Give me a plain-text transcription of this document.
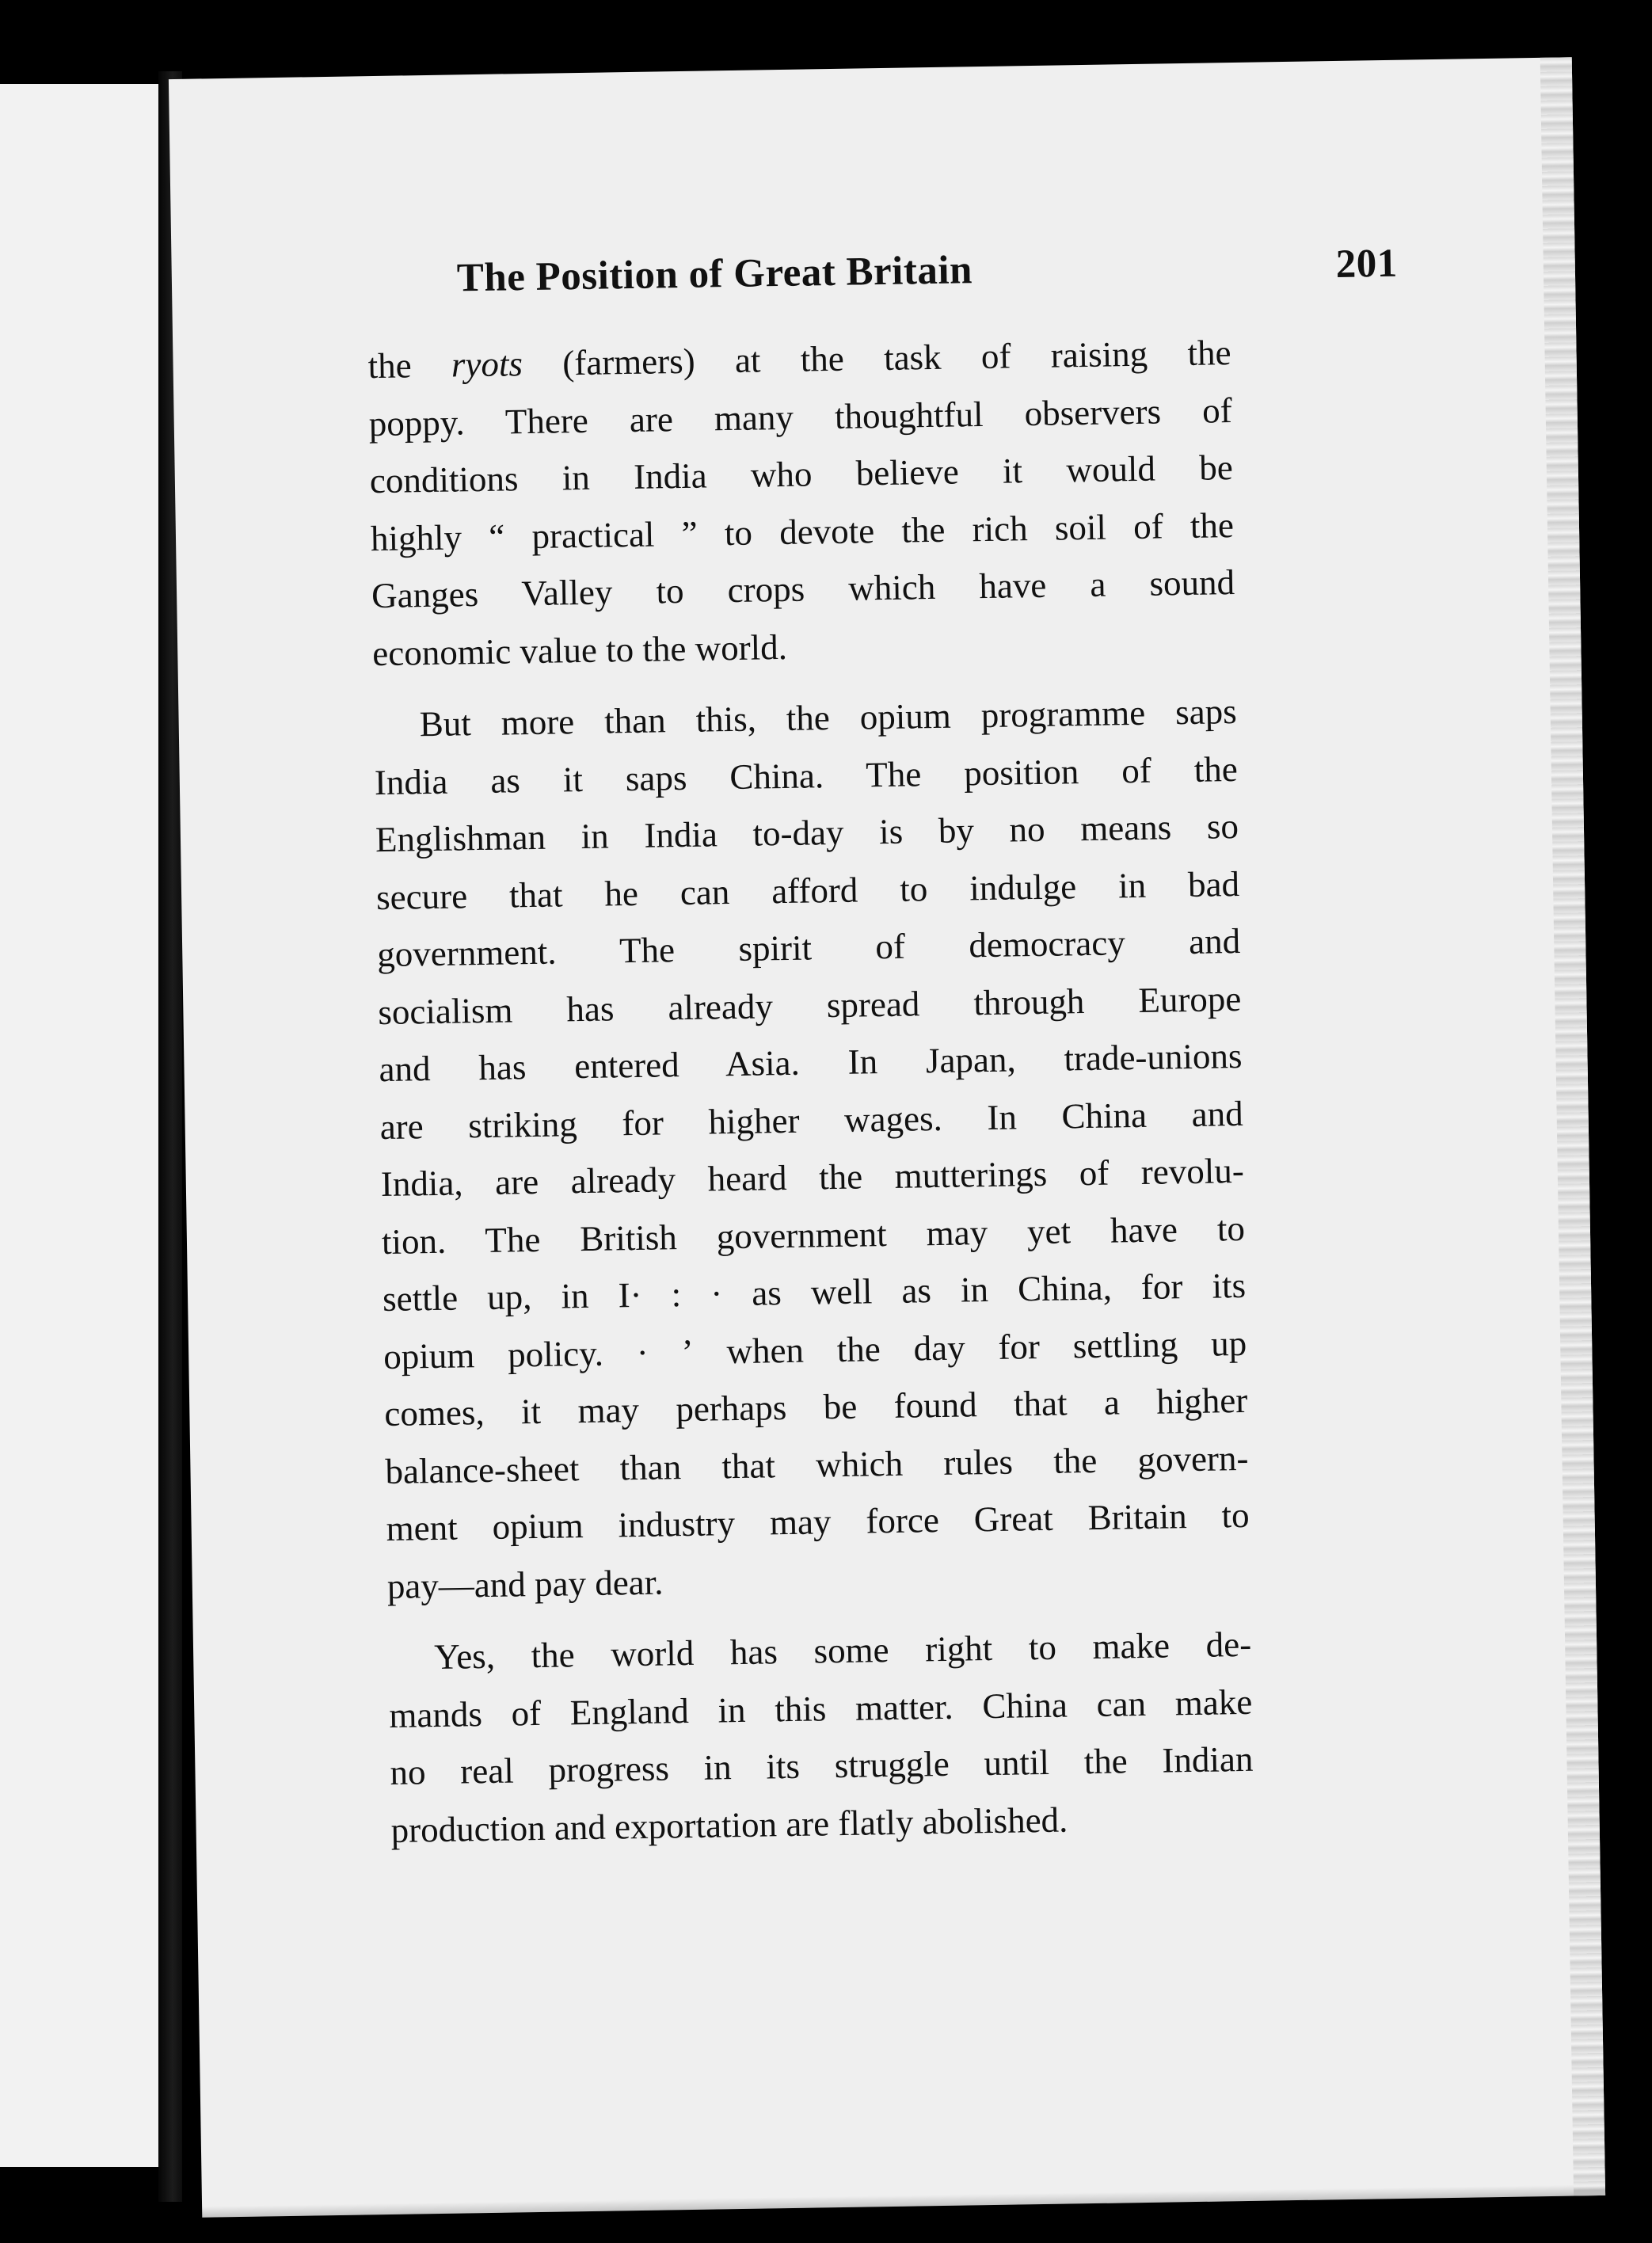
The Position of Great Britain	201
the ryots (farmers) at the task of raising the
poppy. There are many thoughtful observers of
conditions in India who believe it would be
highly “ practical ” to devote the rich soil of the
Ganges Valley to crops which have a sound
economic value to the world.
But more than this, the opium programme saps
India as it saps China. The position of the
Englishman in India to-day is by no means so
secure that he can afford to indulge in bad
government. The spirit of democracy and
socialism has already spread through Europe
and has entered Asia. In Japan, trade-unions
are striking for higher wages. In China and
India, are already heard the mutterings of revolu-
tion. The British government may yet have to
settle up, in I· : · as well as in China, for its
opium policy. · ʼ when the day for settling up
comes, it may perhaps be found that a higher
balance-sheet than that which rules the govern-
ment opium industry may force Great Britain to
pay—and pay dear.
Yes, the world has some right to make de-
mands of England in this matter. China can make
no real progress in its struggle until the Indian
production and exportation are flatly abolished.
